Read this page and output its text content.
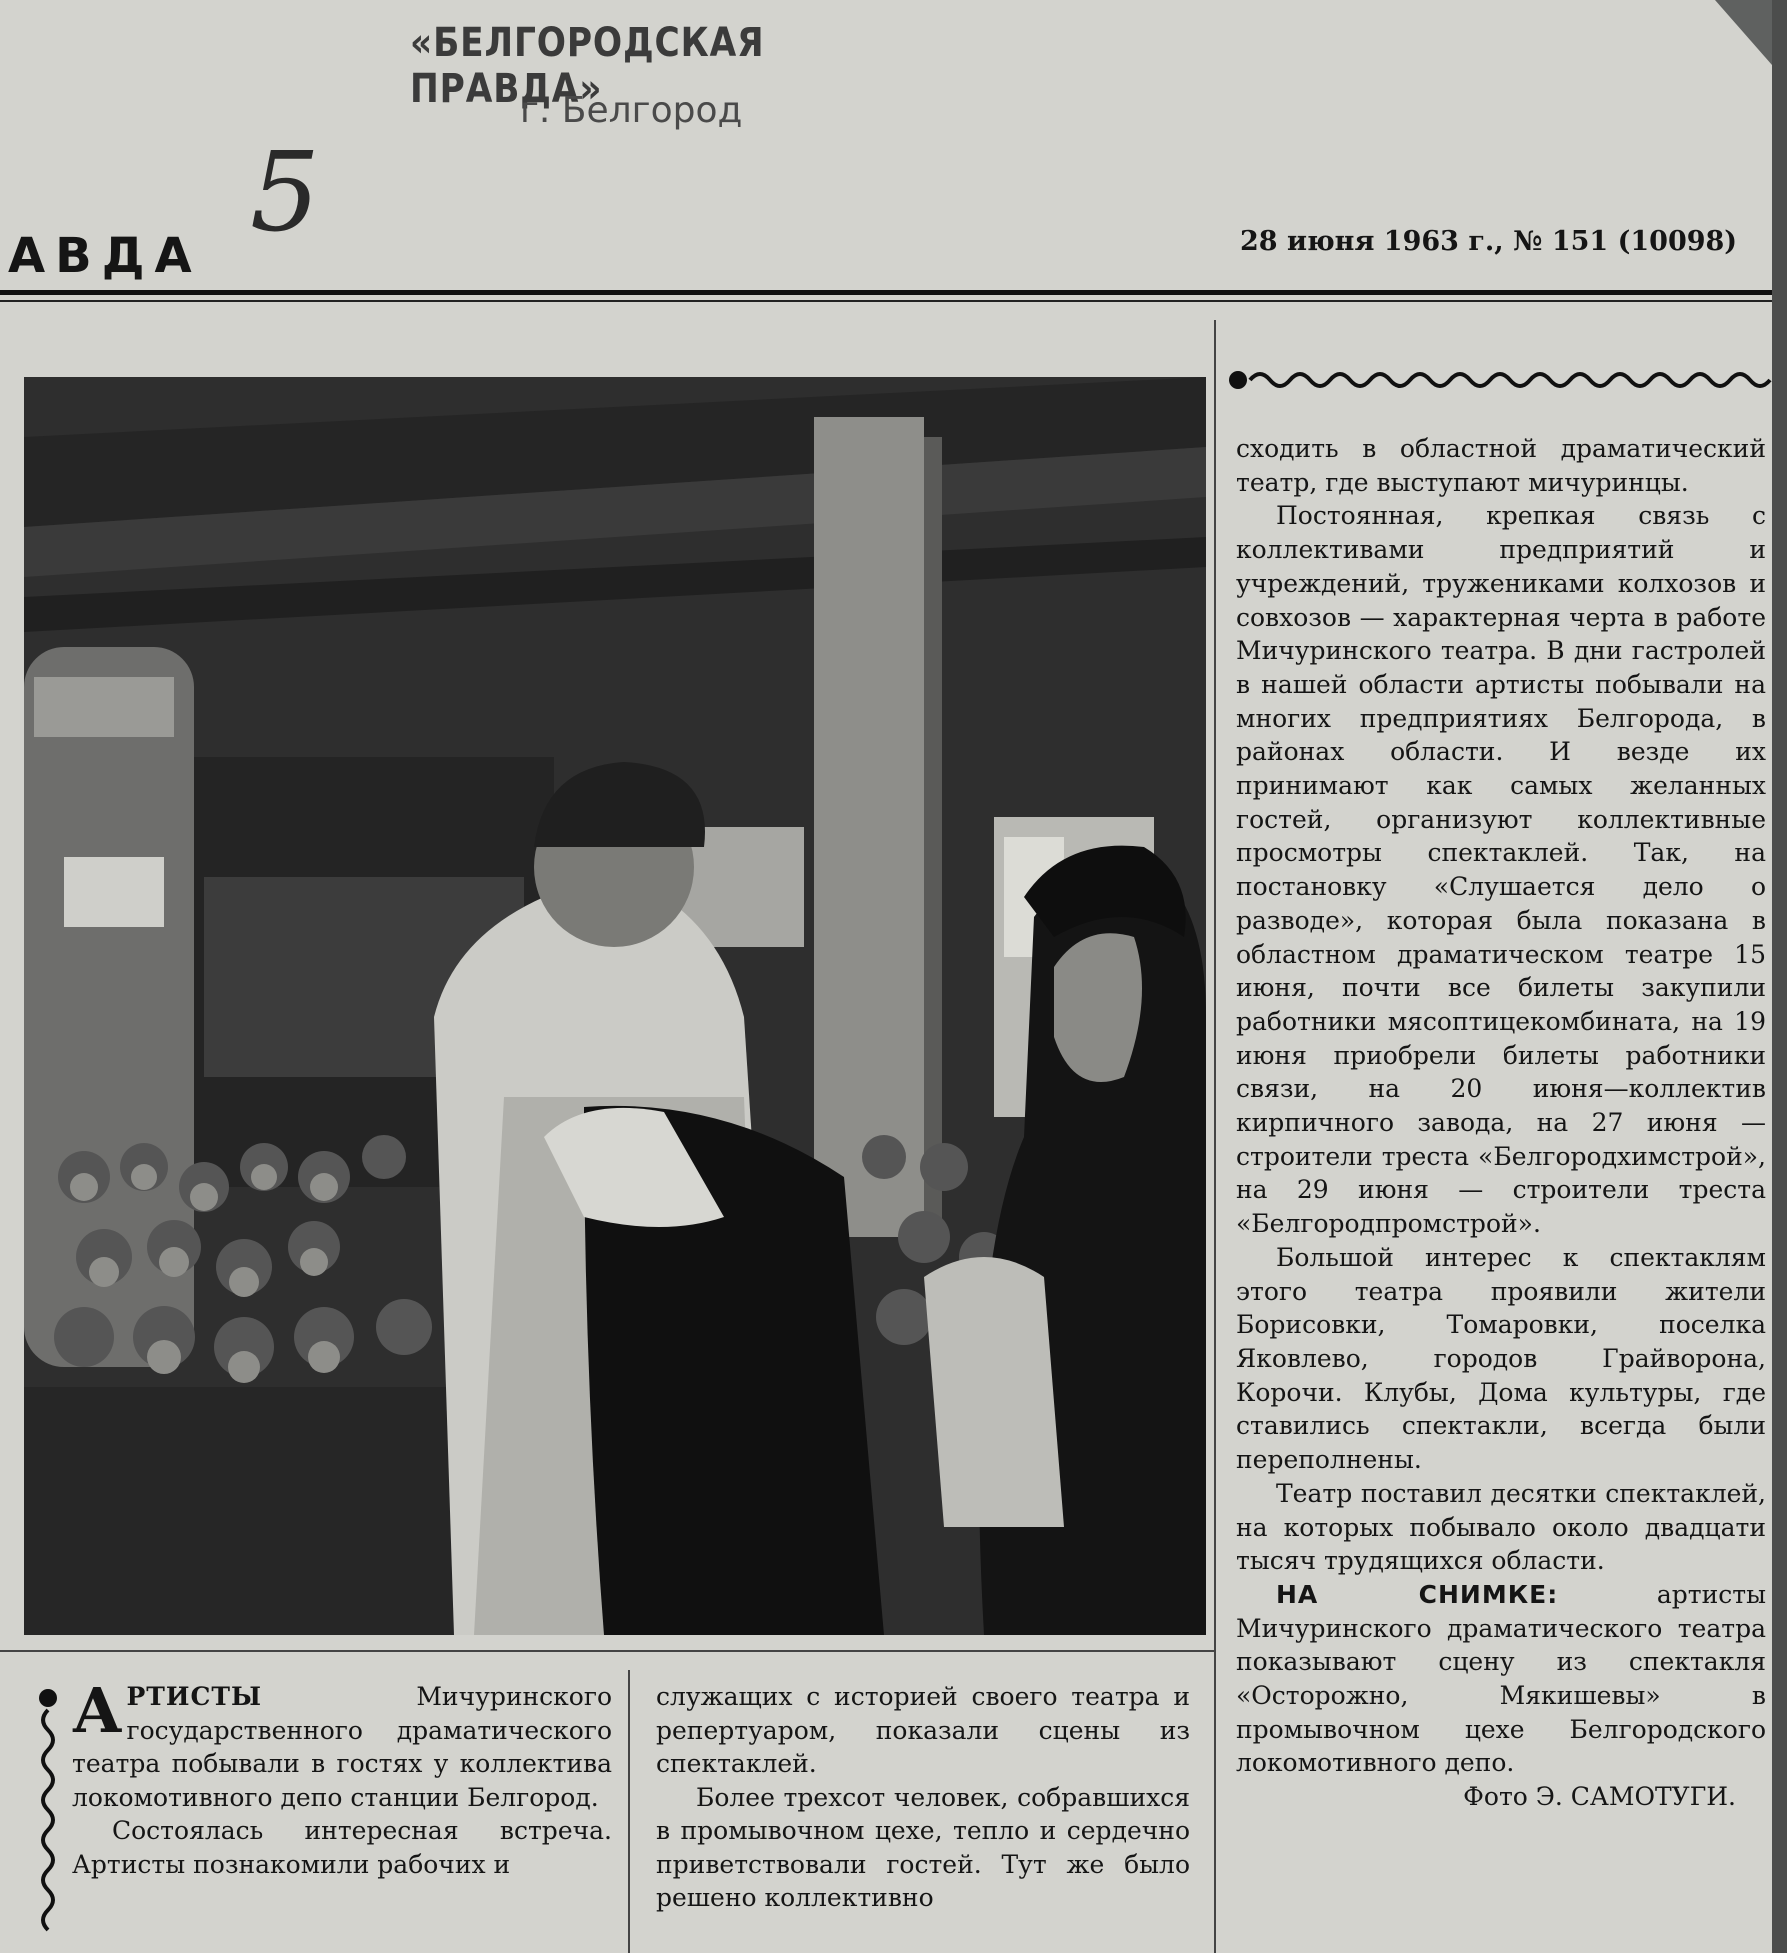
«БЕЛГОРОДСКАЯ ПРАВДА»
г. Белгород
5
АВДА	28 июня 1963 г., № 151 (10098)

сходить в областной драматический театр, где выступают мичуринцы.

Постоянная, крепкая связь с коллективами предприятий и учреждений, тружениками колхозов и совхозов — характерная черта в работе Мичуринского театра. В дни гастролей в нашей области артисты побывали на многих предприятиях Белгорода, в районах области. И везде их принимают как самых желанных гостей, организуют коллективные просмотры спектаклей. Так, на постановку «Слушается дело о разводе», которая была показана в областном драматическом театре 15 июня, почти все билеты закупили работники мясоптицекомбината, на 19 июня приобрели билеты работники связи, на 20 июня—коллектив кирпичного завода, на 27 июня — строители треста «Белгородхимстрой», на 29 июня — строители треста «Белгородпромстрой».

Большой интерес к спектаклям этого театра проявили жители Борисовки, Томаровки, поселка Яковлево, городов Грайворона, Корочи. Клубы, Дома культуры, где ставились спектакли, всегда были переполнены.

Театр поставил десятки спектаклей, на которых побывало около двадцати тысяч трудящихся области.

НА СНИМКЕ:	артисты Мичуринского драматического театра показывают сцену из спектакля «Осторожно, Мякишевы» в промывочном цехе Белгородского локомотивного депо.

Фото Э. САМОТУГИ.

АРТИСТЫ Мичуринского государственного драматического театра побывали в гостях у коллектива локомотивного депо станции Белгород.

Состоялась интересная встреча. Артисты познакомили рабочих и

служащих с историей своего театра и репертуаром, показали сцены из спектаклей.

Более трехсот человек, собравшихся в промывочном цехе, тепло и сердечно приветствовали гостей. Тут же было решено коллективно
